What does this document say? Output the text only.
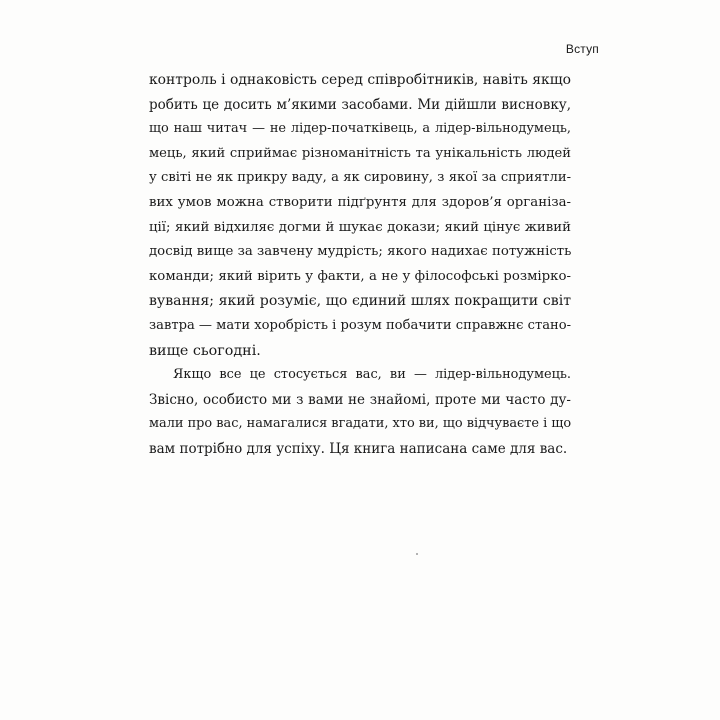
Вступ

контроль і однаковість серед співробітників, навіть якщо
робить це досить м’якими засобами. Ми дійшли висновку,
що наш читач — не лідер-початківець, а лідер-вільнодумець,
мець, який сприймає різноманітність та унікальність людей
у світі не як прикру ваду, а як сировину, з якої за сприятли-
вих умов можна створити підґрунтя для здоров’я організа-
ції; який відхиляє догми й шукає докази; який цінує живий
досвід вище за завчену мудрість; якого надихає потужність
команди; який вірить у факти, а не у філософські розмірко-
вування; який розуміє, що єдиний шлях покращити світ
завтра — мати хоробрість і розум побачити справжнє стано-
вище сьогодні.

Якщо все це стосується вас, ви — лідер-вільнодумець.
Звісно, особисто ми з вами не знайомі, проте ми часто ду-
мали про вас, намагалися вгадати, хто ви, що відчуваєте і що
вам потрібно для успіху. Ця книга написана саме для вас.
